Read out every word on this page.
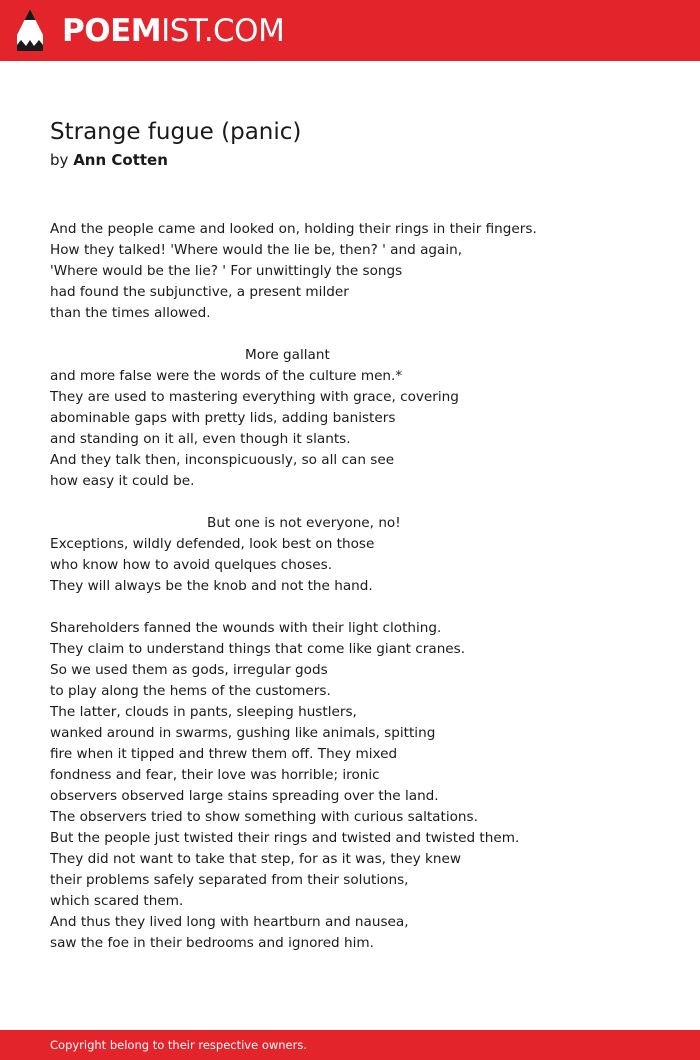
POEMIST.COM
Strange fugue (panic)
by Ann Cotten
And the people came and looked on, holding their rings in their fingers.
How they talked! 'Where would the lie be, then? ' and again,
'Where would be the lie? ' For unwittingly the songs
had found the subjunctive, a present milder
than the times allowed.
More gallant
and more false were the words of the culture men.*
They are used to mastering everything with grace, covering
abominable gaps with pretty lids, adding banisters
and standing on it all, even though it slants.
And they talk then, inconspicuously, so all can see
how easy it could be.
But one is not everyone, no!
Exceptions, wildly defended, look best on those
who know how to avoid quelques choses.
They will always be the knob and not the hand.
Shareholders fanned the wounds with their light clothing.
They claim to understand things that come like giant cranes.
So we used them as gods, irregular gods
to play along the hems of the customers.
The latter, clouds in pants, sleeping hustlers,
wanked around in swarms, gushing like animals, spitting
fire when it tipped and threw them off. They mixed
fondness and fear, their love was horrible; ironic
observers observed large stains spreading over the land.
The observers tried to show something with curious saltations.
But the people just twisted their rings and twisted and twisted them.
They did not want to take that step, for as it was, they knew
their problems safely separated from their solutions,
which scared them.
And thus they lived long with heartburn and nausea,
saw the foe in their bedrooms and ignored him.
Copyright belong to their respective owners.
